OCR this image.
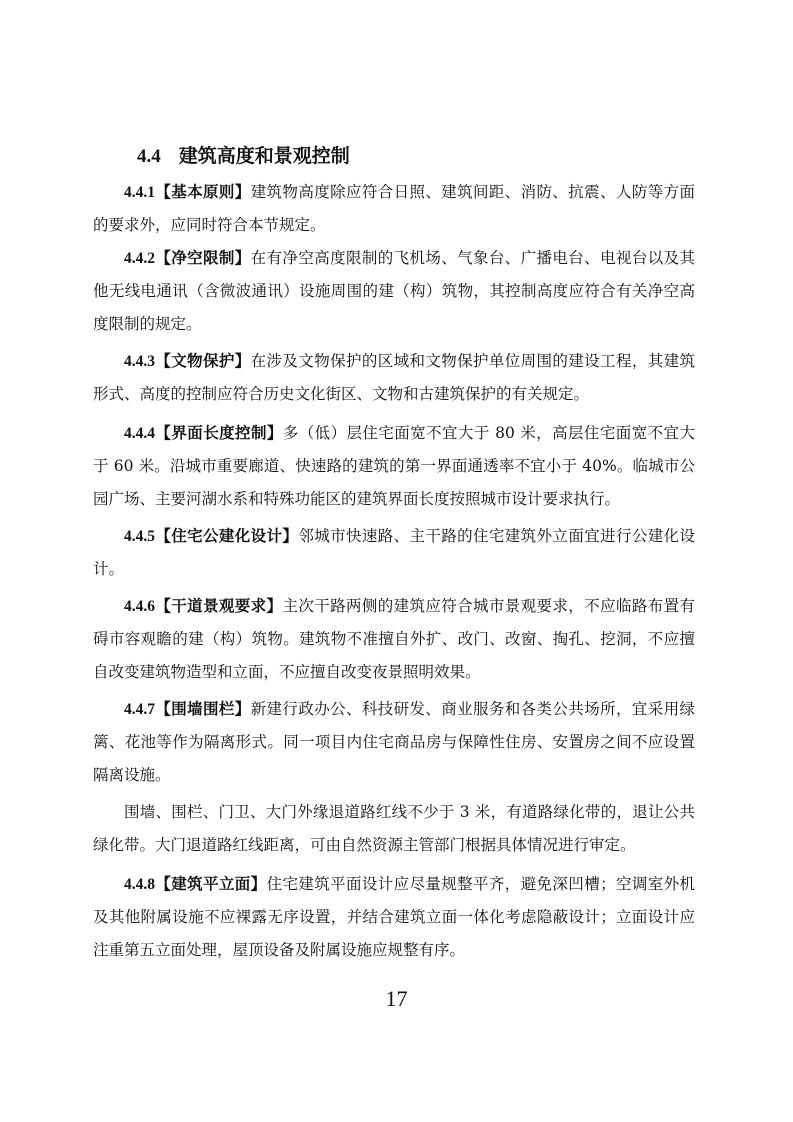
4.4 建筑高度和景观控制
4.4.1【基本原则】建筑物高度除应符合日照、建筑间距、消防、抗震、人防等方面的要求外，应同时符合本节规定。
4.4.2【净空限制】在有净空高度限制的飞机场、气象台、广播电台、电视台以及其他无线电通讯（含微波通讯）设施周围的建（构）筑物，其控制高度应符合有关净空高度限制的规定。
4.4.3【文物保护】在涉及文物保护的区域和文物保护单位周围的建设工程，其建筑形式、高度的控制应符合历史文化街区、文物和古建筑保护的有关规定。
4.4.4【界面长度控制】多（低）层住宅面宽不宜大于 80 米，高层住宅面宽不宜大于 60 米。沿城市重要廊道、快速路的建筑的第一界面通透率不宜小于 40%。临城市公园广场、主要河湖水系和特殊功能区的建筑界面长度按照城市设计要求执行。
4.4.5【住宅公建化设计】邻城市快速路、主干路的住宅建筑外立面宜进行公建化设计。
4.4.6【干道景观要求】主次干路两侧的建筑应符合城市景观要求，不应临路布置有碍市容观瞻的建（构）筑物。建筑物不准擅自外扩、改门、改窗、掏孔、挖洞，不应擅自改变建筑物造型和立面，不应擅自改变夜景照明效果。
4.4.7【围墙围栏】新建行政办公、科技研发、商业服务和各类公共场所，宜采用绿篱、花池等作为隔离形式。同一项目内住宅商品房与保障性住房、安置房之间不应设置隔离设施。
围墙、围栏、门卫、大门外缘退道路红线不少于 3 米，有道路绿化带的，退让公共绿化带。大门退道路红线距离，可由自然资源主管部门根据具体情况进行审定。
4.4.8【建筑平立面】住宅建筑平面设计应尽量规整平齐，避免深凹槽；空调室外机及其他附属设施不应裸露无序设置，并结合建筑立面一体化考虑隐蔽设计；立面设计应注重第五立面处理，屋顶设备及附属设施应规整有序。
17
